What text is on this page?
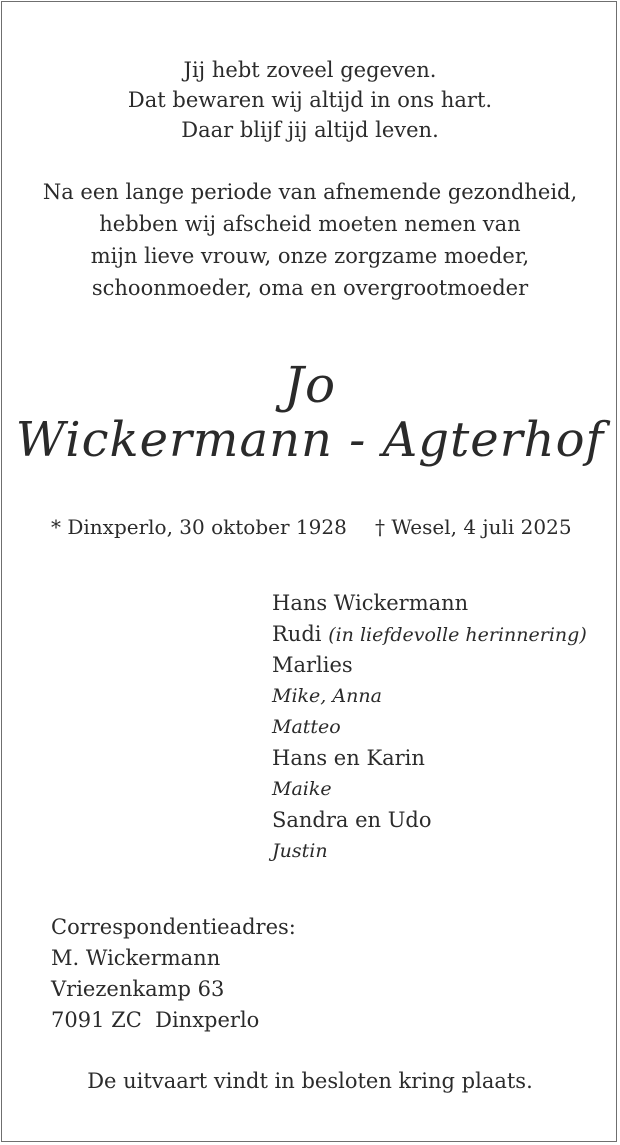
Jij hebt zoveel gegeven.
Dat bewaren wij altijd in ons hart.
Daar blijf jij altijd leven.
Na een lange periode van afnemende gezondheid,
hebben wij afscheid moeten nemen van
mijn lieve vrouw, onze zorgzame moeder,
schoonmoeder, oma en overgrootmoeder
Jo
Wickermann - Agterhof
* Dinxperlo, 30 oktober 1928 † Wesel, 4 juli 2025
Hans Wickermann
Rudi (in liefdevolle herinnering)
Marlies
Mike, Anna
Matteo
Hans en Karin
Maike
Sandra en Udo
Justin
Correspondentieadres:
M. Wickermann
Vriezenkamp 63
7091 ZC  Dinxperlo
De uitvaart vindt in besloten kring plaats.
